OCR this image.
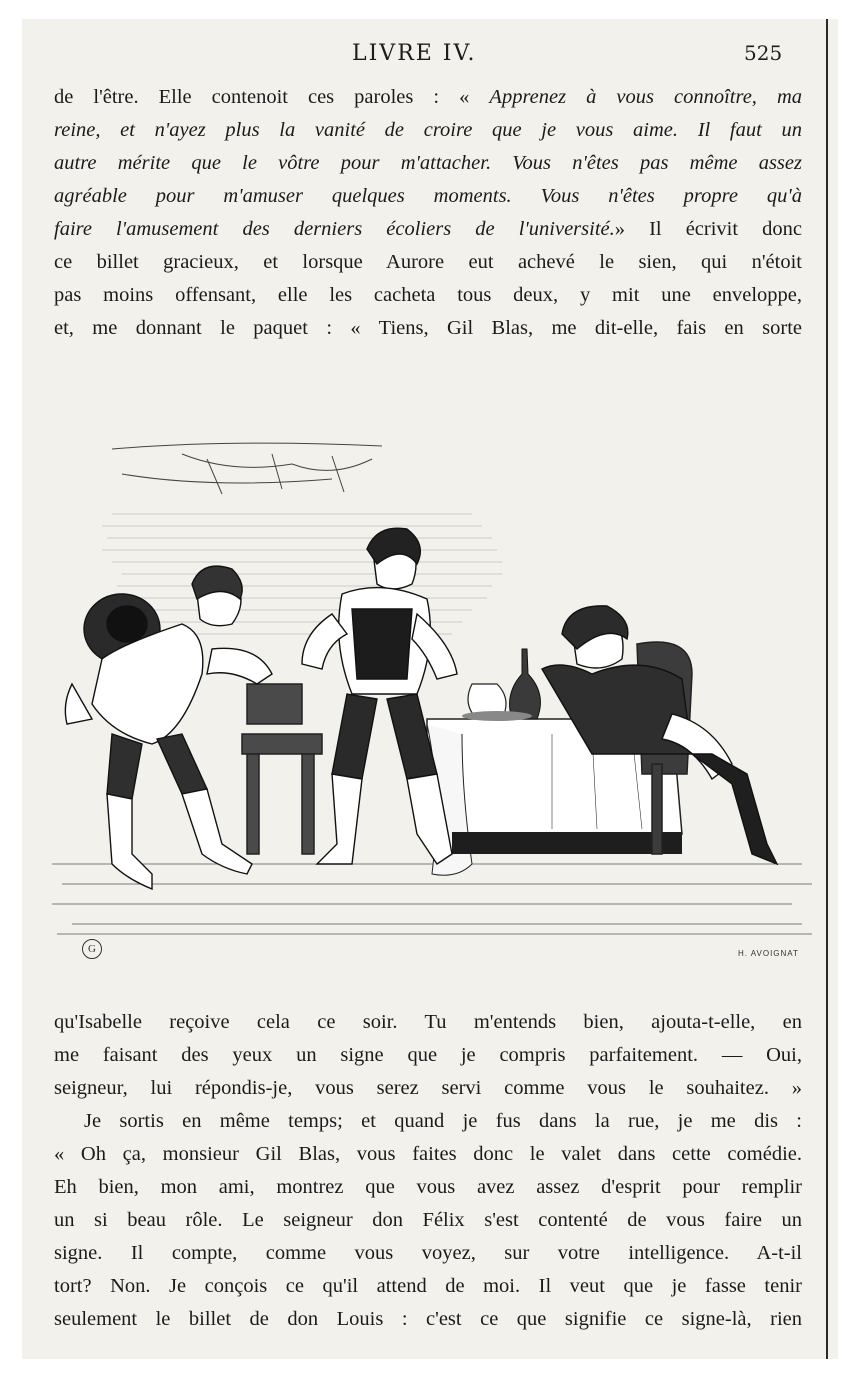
LIVRE IV.	525
de l'être. Elle contenoit ces paroles : « Apprenez à vous connoître, ma
reine, et n'ayez plus la vanité de croire que je vous aime. Il faut un
autre mérite que le vôtre pour m'attacher. Vous n'êtes pas même assez
agréable pour m'amuser quelques moments. Vous n'êtes propre qu'à
faire l'amusement des derniers écoliers de l'université.» Il écrivit donc
ce billet gracieux, et lorsque Aurore eut achevé le sien, qui n'étoit
pas moins offensant, elle les cacheta tous deux, y mit une enveloppe,
et, me donnant le paquet : « Tiens, Gil Blas, me dit-elle, fais en sorte
G	H. AVOIGNAT
qu'Isabelle reçoive cela ce soir. Tu m'entends bien, ajouta-t-elle, en
me faisant des yeux un signe que je compris parfaitement. — Oui,
seigneur, lui répondis-je, vous serez servi comme vous le souhaitez. »
Je sortis en même temps; et quand je fus dans la rue, je me dis :
« Oh ça, monsieur Gil Blas, vous faites donc le valet dans cette comédie.
Eh bien, mon ami, montrez que vous avez assez d'esprit pour remplir
un si beau rôle. Le seigneur don Félix s'est contenté de vous faire un
signe. Il compte, comme vous voyez, sur votre intelligence. A-t-il
tort? Non. Je conçois ce qu'il attend de moi. Il veut que je fasse tenir
seulement le billet de don Louis : c'est ce que signifie ce signe-là, rien
